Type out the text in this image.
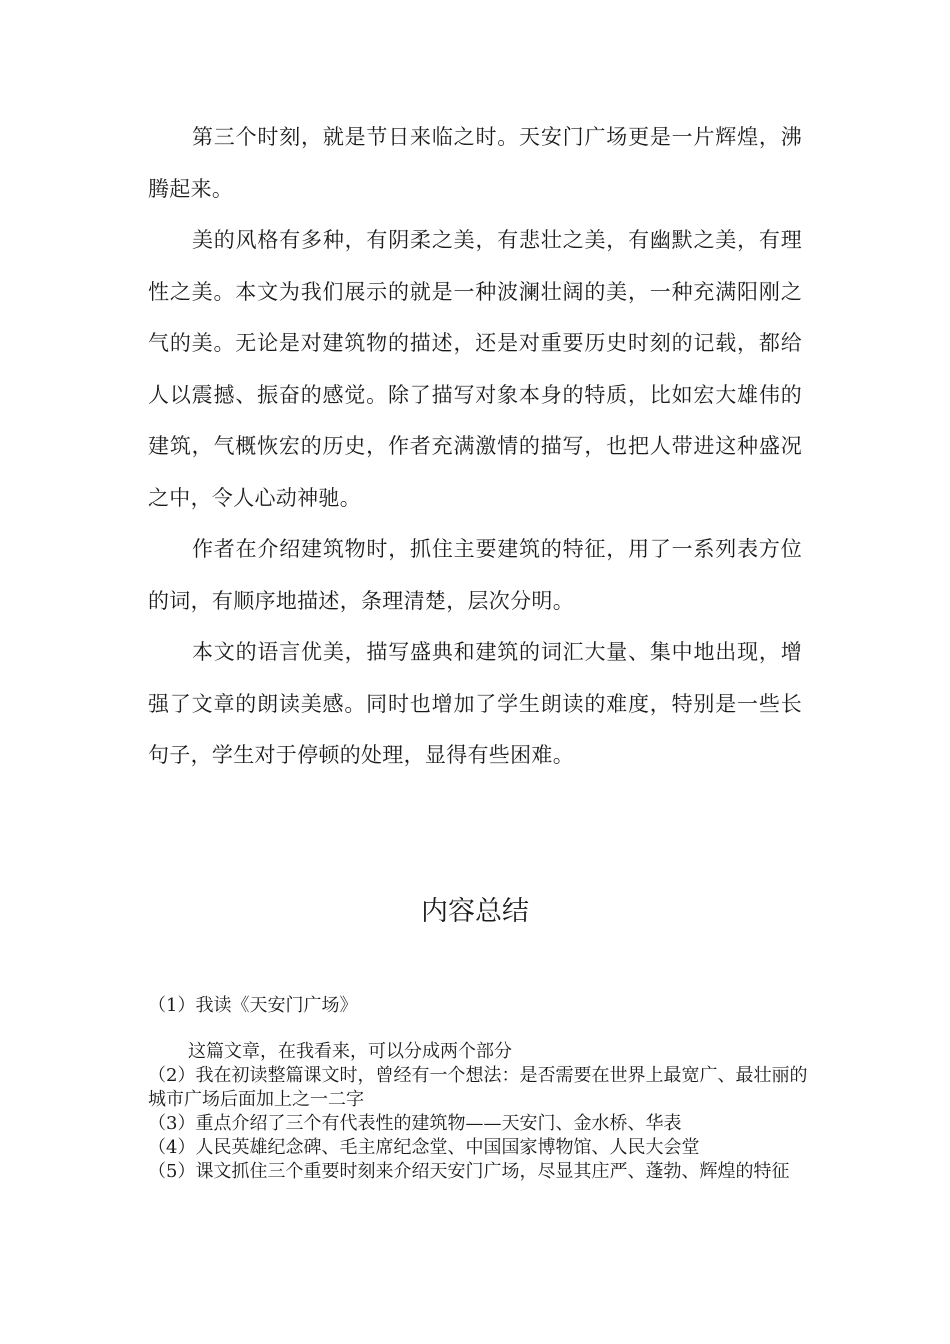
第三个时刻，就是节日来临之时。天安门广场更是一片辉煌，沸腾起来。

美的风格有多种，有阴柔之美，有悲壮之美，有幽默之美，有理性之美。本文为我们展示的就是一种波澜壮阔的美，一种充满阳刚之气的美。无论是对建筑物的描述，还是对重要历史时刻的记载，都给人以震撼、振奋的感觉。除了描写对象本身的特质，比如宏大雄伟的建筑，气概恢宏的历史，作者充满激情的描写，也把人带进这种盛况之中，令人心动神驰。

作者在介绍建筑物时，抓住主要建筑的特征，用了一系列表方位的词，有顺序地描述，条理清楚，层次分明。

本文的语言优美，描写盛典和建筑的词汇大量、集中地出现，增强了文章的朗读美感。同时也增加了学生朗读的难度，特别是一些长句子，学生对于停顿的处理，显得有些困难。

内容总结
（1）我读《天安门广场》
这篇文章，在我看来，可以分成两个部分
（2）我在初读整篇课文时，曾经有一个想法：是否需要在世界上最宽广、最壮丽的城市广场后面加上之一二字
（3）重点介绍了三个有代表性的建筑物——天安门、金水桥、华表
（4）人民英雄纪念碑、毛主席纪念堂、中国国家博物馆、人民大会堂
（5）课文抓住三个重要时刻来介绍天安门广场，尽显其庄严、蓬勃、辉煌的特征
